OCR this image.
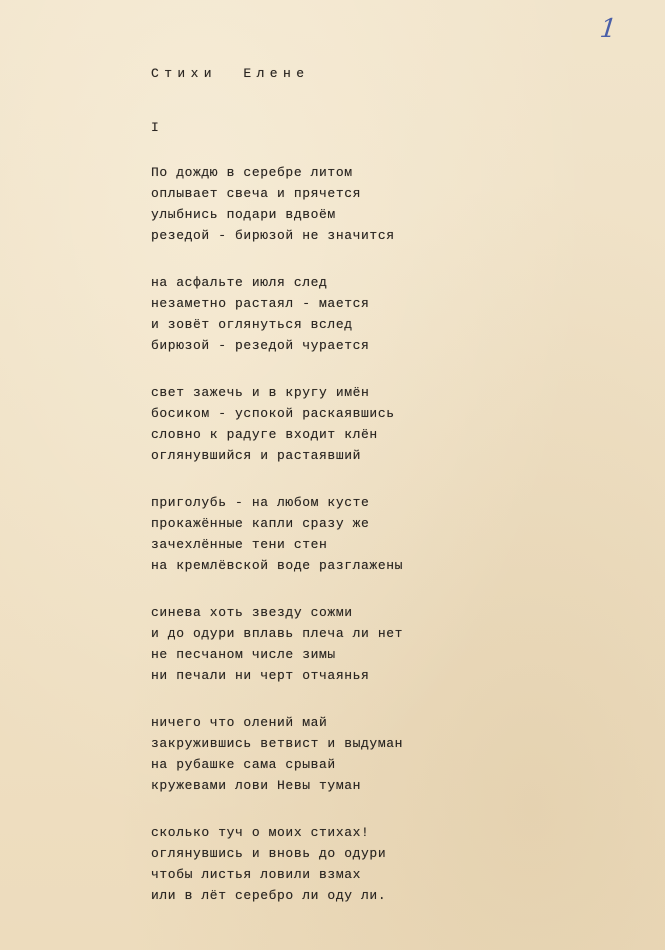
1
Стихи  Елене
I
По дождю в серебре литом
оплывает свеча и прячется
улыбнись подари вдвоём
резедой - бирюзой не значится
на асфальте июля след
незаметно растаял - мается
и зовёт оглянуться вслед
бирюзой - резедой чурается
свет зажечь и в кругу имён
босиком - успокой раскаявшись
словно к радуге входит клён
оглянувшийся и растаявший
приголубь - на любом кусте
прокажённые капли сразу же
зачехлённые тени стен
на кремлёвской воде разглажены
синева хоть звезду сожми
и до одури вплавь плеча ли нет
не песчаном числе зимы
ни печали ни черт отчаянья
ничего что олений май
закружившись ветвист и выдуман
на рубашке сама срывай
кружевами лови Невы туман
сколько туч о моих стихах!
оглянувшись и вновь до одури
чтобы листья ловили взмах
или в лёт серебро ли оду ли.
